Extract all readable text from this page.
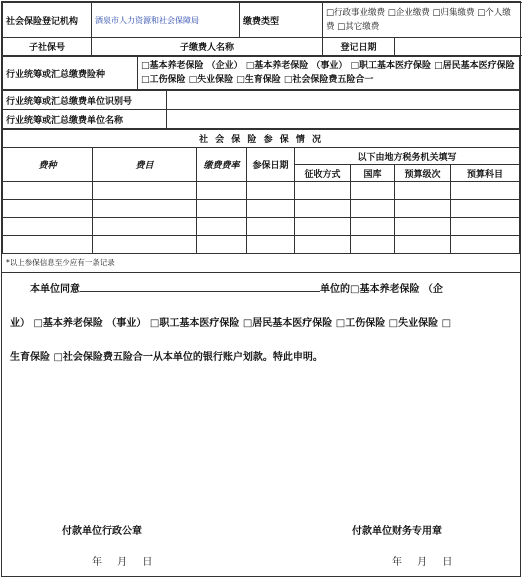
社会保险登记机构	酒泉市人力资源和社会保障局	缴费类型	□行政事业缴费 □企业缴费 □归集缴费 □个人缴费 □其它缴费	
子社保号	子缴费人名称		登记日期	
行业统筹或汇总缴费险种	□基本养老保险 （企业） □基本养老保险 （事业） □职工基本医疗保险 □居民基本医疗保险 □工伤保险 □失业保险 □生育保险 □社会保险费五险合一
行业统筹或汇总缴费单位识别号	
行业统筹或汇总缴费单位名称	
社 会 保 险 参 保 情 况							
费种	费目	缴费费率	参保日期	以下由地方税务机关填写			
				征收方式	国库	预算级次	预算科目

*以上参保信息至少应有一条记录
本单位同意	单位的□基本养老保险 （企
业） □基本养老保险 （事业） □职工基本医疗保险 □居民基本医疗保险 □工伤保险 □失业保险 □
生育保险 □社会保险费五险合一从本单位的银行账户划款。特此申明。
付款单位行政公章	付款单位财务专用章
年 月 日	年 月 日
